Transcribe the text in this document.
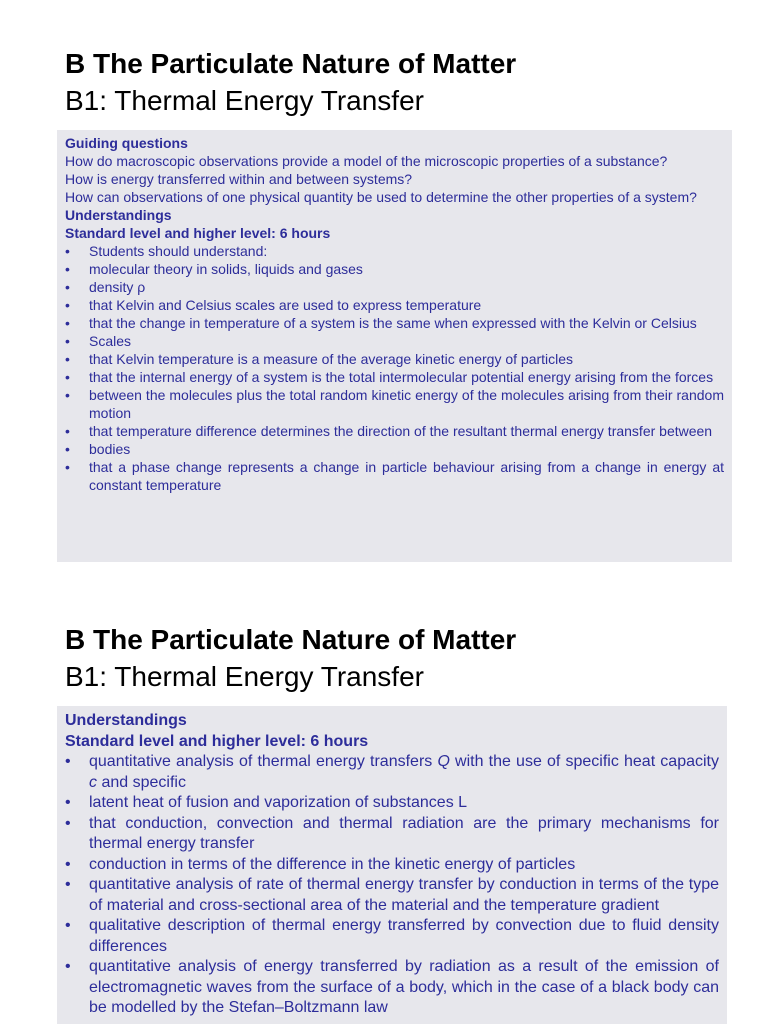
B The Particulate Nature of Matter
B1: Thermal Energy Transfer

Guiding questions

How do macroscopic observations provide a model of the microscopic properties of a substance?

How is energy transferred within and between systems?

How can observations of one physical quantity be used to determine the other properties of a system?

Understandings

Standard level and higher level: 6 hours

• Students should understand:
• molecular theory in solids, liquids and gases
• density ρ
• that Kelvin and Celsius scales are used to express temperature
• that the change in temperature of a system is the same when expressed with the Kelvin or Celsius
• Scales
• that Kelvin temperature is a measure of the average kinetic energy of particles
• that the internal energy of a system is the total intermolecular potential energy arising from the forces
• between the molecules plus the total random kinetic energy of the molecules arising from their random motion
• that temperature difference determines the direction of the resultant thermal energy transfer between
• bodies
• that a phase change represents a change in particle behaviour arising from a change in energy at constant temperature
B The Particulate Nature of Matter
B1: Thermal Energy Transfer

Understandings

Standard level and higher level: 6 hours

• quantitative analysis of thermal energy transfers Q with the use of specific heat capacity c and specific
• latent heat of fusion and vaporization of substances L
• that conduction, convection and thermal radiation are the primary mechanisms for thermal energy transfer
• conduction in terms of the difference in the kinetic energy of particles
• quantitative analysis of rate of thermal energy transfer by conduction in terms of the type of material and cross-sectional area of the material and the temperature gradient
• qualitative description of thermal energy transferred by convection due to fluid density differences
• quantitative analysis of energy transferred by radiation as a result of the emission of electromagnetic waves from the surface of a body, which in the case of a black body can be modelled by the Stefan–Boltzmann law
